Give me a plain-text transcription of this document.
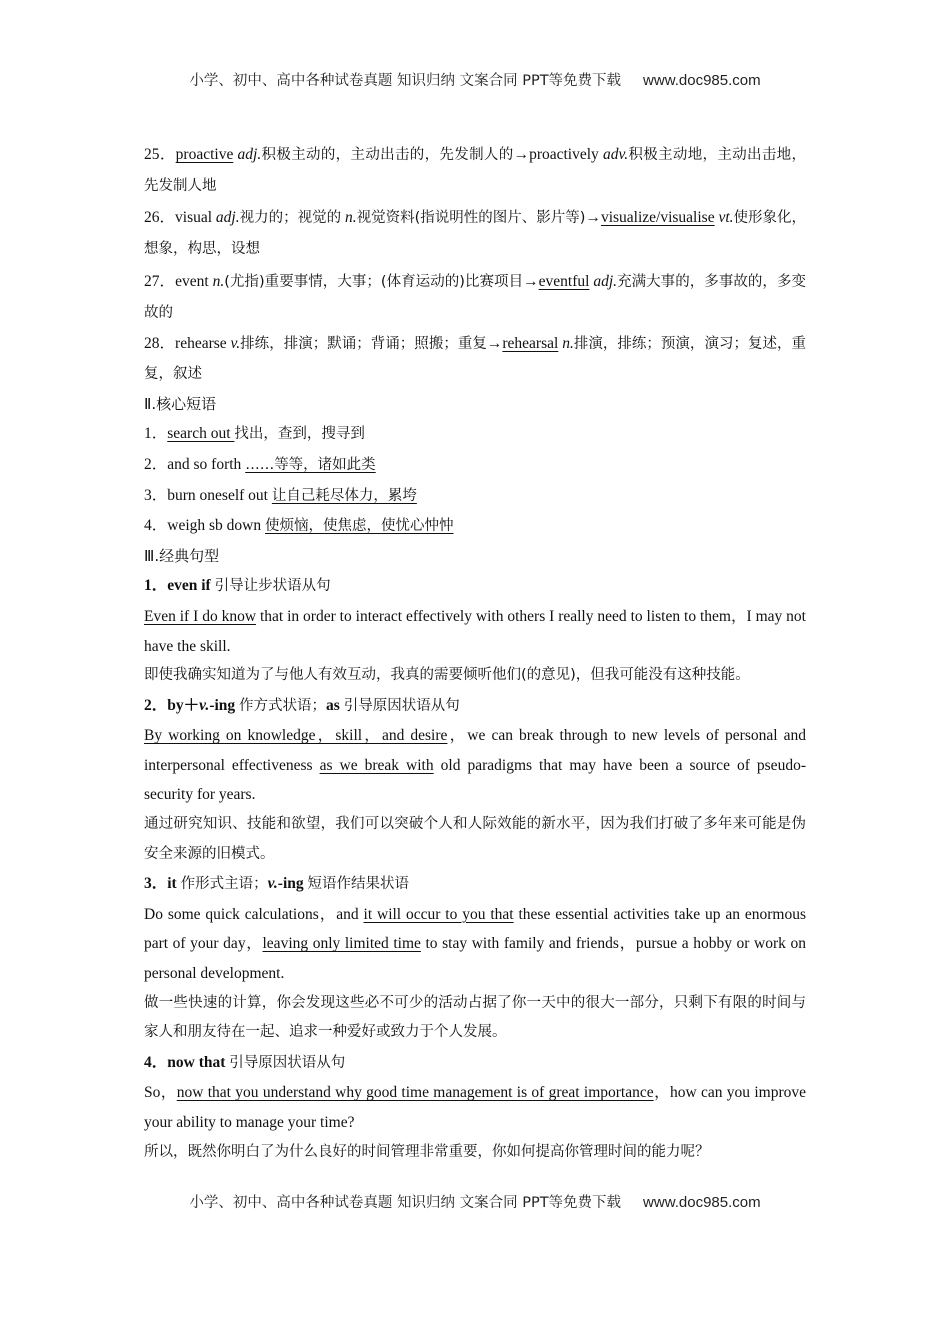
小学、初中、高中各种试卷真题 知识归纳 文案合同 PPT等免费下载 www.doc985.com

25．proactive adj.积极主动的，主动出击的，先发制人的→proactively adv.积极主动地，主动出击地，先发制人地

26．visual adj.视力的；视觉的 n.视觉资料(指说明性的图片、影片等)→visualize/visualise vt.使形象化，想象，构思，设想

27．event n.(尤指)重要事情，大事；(体育运动的)比赛项目→eventful adj.充满大事的，多事故的，多变故的

28．rehearse v.排练，排演；默诵；背诵；照搬；重复→rehearsal n.排演，排练；预演，演习；复述，重复，叙述

Ⅱ.核心短语

1．search out 找出，查到，搜寻到

2．and so forth ……等等，诸如此类

3．burn oneself out 让自己耗尽体力，累垮

4．weigh sb down 使烦恼，使焦虑，使忧心忡忡

Ⅲ.经典句型

1．even if 引导让步状语从句

Even if I do know that in order to interact effectively with others I really need to listen to them，I may not have the skill.

即使我确实知道为了与他人有效互动，我真的需要倾听他们(的意见)，但我可能没有这种技能。

2．by＋v.-ing 作方式状语；as 引导原因状语从句

By working on knowledge，skill，and desire，we can break through to new levels of personal and interpersonal effectiveness as we break with old paradigms that may have been a source of pseudo-security for years.

通过研究知识、技能和欲望，我们可以突破个人和人际效能的新水平，因为我们打破了多年来可能是伪安全来源的旧模式。

3．it 作形式主语；v.-ing 短语作结果状语

Do some quick calculations，and it will occur to you that these essential activities take up an enormous part of your day，leaving only limited time to stay with family and friends，pursue a hobby or work on personal development.

做一些快速的计算，你会发现这些必不可少的活动占据了你一天中的很大一部分，只剩下有限的时间与家人和朋友待在一起、追求一种爱好或致力于个人发展。

4．now that 引导原因状语从句

So，now that you understand why good time management is of great importance，how can you improve your ability to manage your time?

所以，既然你明白了为什么良好的时间管理非常重要，你如何提高你管理时间的能力呢？

小学、初中、高中各种试卷真题 知识归纳 文案合同 PPT等免费下载 www.doc985.com
